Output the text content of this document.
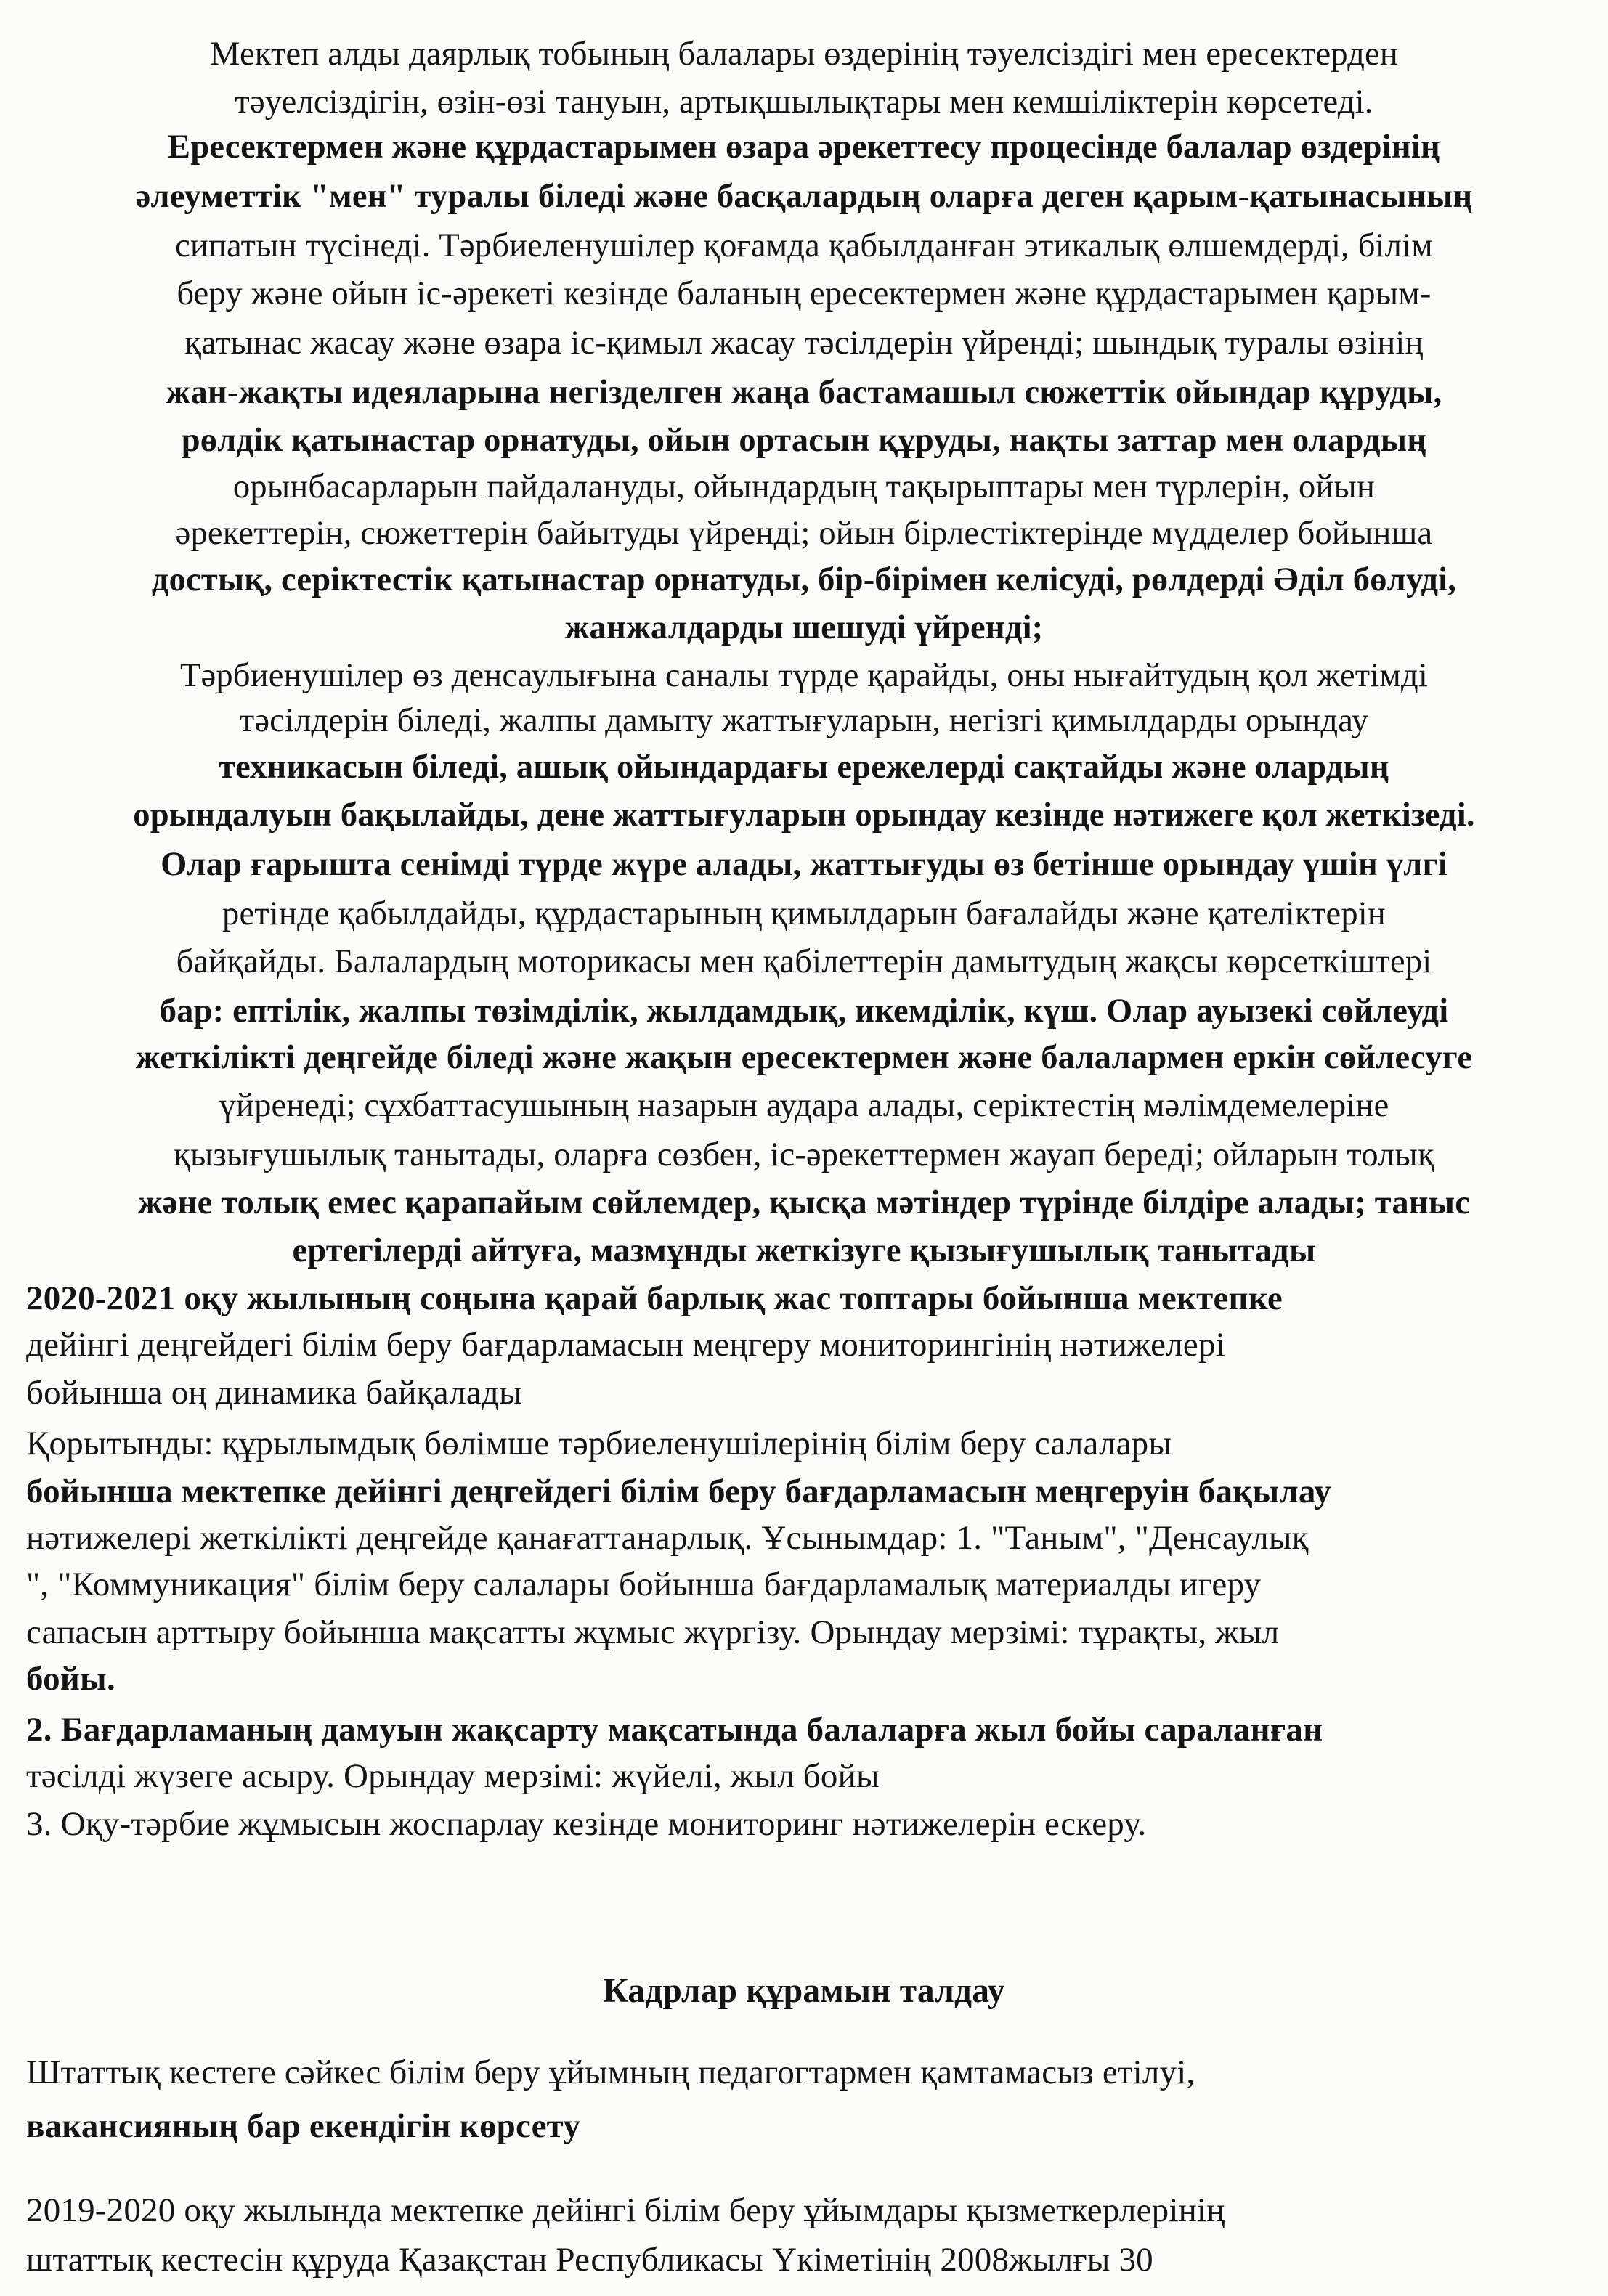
Мектеп алды даярлық тобының балалары өздерінің тәуелсіздігі мен ересектерден
тәуелсіздігін, өзін-өзі тануын, артықшылықтары мен кемшіліктерін көрсетеді.
Ересектермен және құрдастарымен өзара әрекеттесу процесінде балалар өздерінің
әлеуметтік "мен" туралы біледі және басқалардың оларға деген қарым-қатынасының
сипатын түсінеді. Тәрбиеленушілер қоғамда қабылданған этикалық өлшемдерді, білім
беру және ойын іс-әрекеті кезінде баланың ересектермен және құрдастарымен қарым-
қатынас жасау және өзара іс-қимыл жасау тәсілдерін үйренді; шындық туралы өзінің
жан-жақты идеяларына негізделген жаңа бастамашыл сюжеттік ойындар құруды,
рөлдік қатынастар орнатуды, ойын ортасын құруды, нақты заттар мен олардың
орынбасарларын пайдалануды, ойындардың тақырыптары мен түрлерін, ойын
әрекеттерін, сюжеттерін байытуды үйренді; ойын бірлестіктерінде мүдделер бойынша
достық, серіктестік қатынастар орнатуды, бір-бірімен келісуді, рөлдерді Әділ бөлуді,
жанжалдарды шешуді үйренді;
Тәрбиенушілер өз денсаулығына саналы түрде қарайды, оны нығайтудың қол жетімді
тәсілдерін біледі, жалпы дамыту жаттығуларын, негізгі қимылдарды орындау
техникасын біледі, ашық ойындардағы ережелерді сақтайды және олардың
орындалуын бақылайды, дене жаттығуларын орындау кезінде нәтижеге қол жеткізеді.
Олар ғарышта сенімді түрде жүре алады, жаттығуды өз бетінше орындау үшін үлгі
ретінде қабылдайды, құрдастарының қимылдарын бағалайды және қателіктерін
байқайды. Балалардың моторикасы мен қабілеттерін дамытудың жақсы көрсеткіштері
бар: ептілік, жалпы төзімділік, жылдамдық, икемділік, күш. Олар ауызекі сөйлеуді
жеткілікті деңгейде біледі және жақын ересектермен және балалармен еркін сөйлесуге
үйренеді; сұхбаттасушының назарын аудара алады, серіктестің мәлімдемелеріне
қызығушылық танытады, оларға сөзбен, іс-әрекеттермен жауап береді; ойларын толық
және толық емес қарапайым сөйлемдер, қысқа мәтіндер түрінде білдіре алады; таныс
ертегілерді айтуға, мазмұнды жеткізуге қызығушылық танытады
2020-2021 оқу жылының соңына қарай барлық жас топтары бойынша мектепке
дейінгі деңгейдегі білім беру бағдарламасын меңгеру мониторингінің нәтижелері
бойынша оң динамика байқалады
Қорытынды: құрылымдық бөлімше тәрбиеленушілерінің білім беру салалары
бойынша мектепке дейінгі деңгейдегі білім беру бағдарламасын меңгеруін бақылау
нәтижелері жеткілікті деңгейде қанағаттанарлық. Ұсынымдар: 1. "Таным", "Денсаулық
", "Коммуникация" білім беру салалары бойынша бағдарламалық материалды игеру
сапасын арттыру бойынша мақсатты жұмыс жүргізу. Орындау мерзімі: тұрақты, жыл
бойы.
2. Бағдарламаның дамуын жақсарту мақсатында балаларға жыл бойы сараланған
тәсілді жүзеге асыру. Орындау мерзімі: жүйелі, жыл бойы
3. Оқу-тәрбие жұмысын жоспарлау кезінде мониторинг нәтижелерін ескеру.
Кадрлар құрамын талдау
Штаттық кестеге сәйкес білім беру ұйымның педагогтармен қамтамасыз етілуі,
вакансияның бар екендігін көрсету
2019-2020 оқу жылында мектепке дейінгі білім беру ұйымдары қызметкерлерінің
штаттық кестесін құруда Қазақстан Республикасы Үкіметінің 2008жылғы 30
